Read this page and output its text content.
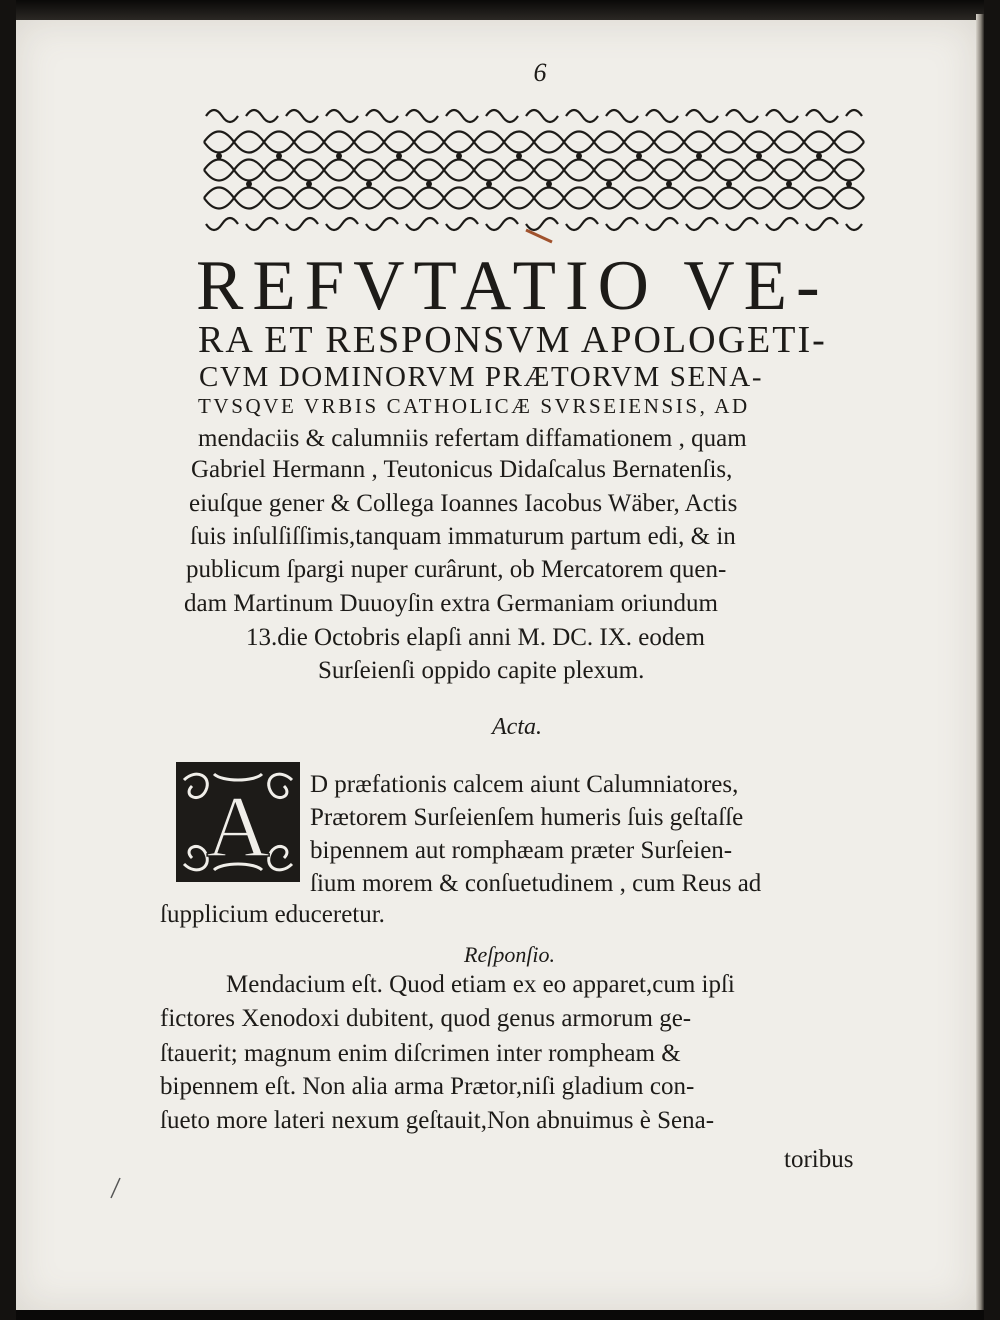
6
REFVTATIO VE-
RA ET RESPONSVM APOLOGETI-
CVM DOMINORVM PRÆTORVM SENA-
TVSQVE VRBIS CATHOLICÆ SVRSEIENSIS, AD
mendaciis & calumniis refertam diffamationem , quam
Gabriel Hermann , Teutonicus Didaſcalus Bernatenſis,
eiuſque gener & Collega Ioannes Iacobus Wäber, Actis
ſuis inſulſiſſimis,tanquam immaturum partum edi, & in
publicum ſpargi nuper curârunt, ob Mercatorem quen-
dam Martinum Duuoyſin extra Germaniam oriundum
13.die Octobris elapſi anni M. DC. IX. eodem
Surſeienſi oppido capite plexum.
Acta.
A D præfationis calcem aiunt Calumniatores,
Prætorem Surſeienſem humeris ſuis geſtaſſe
bipennem aut romphæam præter Surſeien-
ſium morem & conſuetudinem , cum Reus ad
ſupplicium educeretur.
Reſponſio.
Mendacium eſt. Quod etiam ex eo apparet,cum ipſi
fictores Xenodoxi dubitent, quod genus armorum ge-
ſtauerit; magnum enim diſcrimen inter rompheam &
bipennem eſt. Non alia arma Prætor,niſi gladium con-
ſueto more lateri nexum geſtauit,Non abnuimus è Sena-
toribus
